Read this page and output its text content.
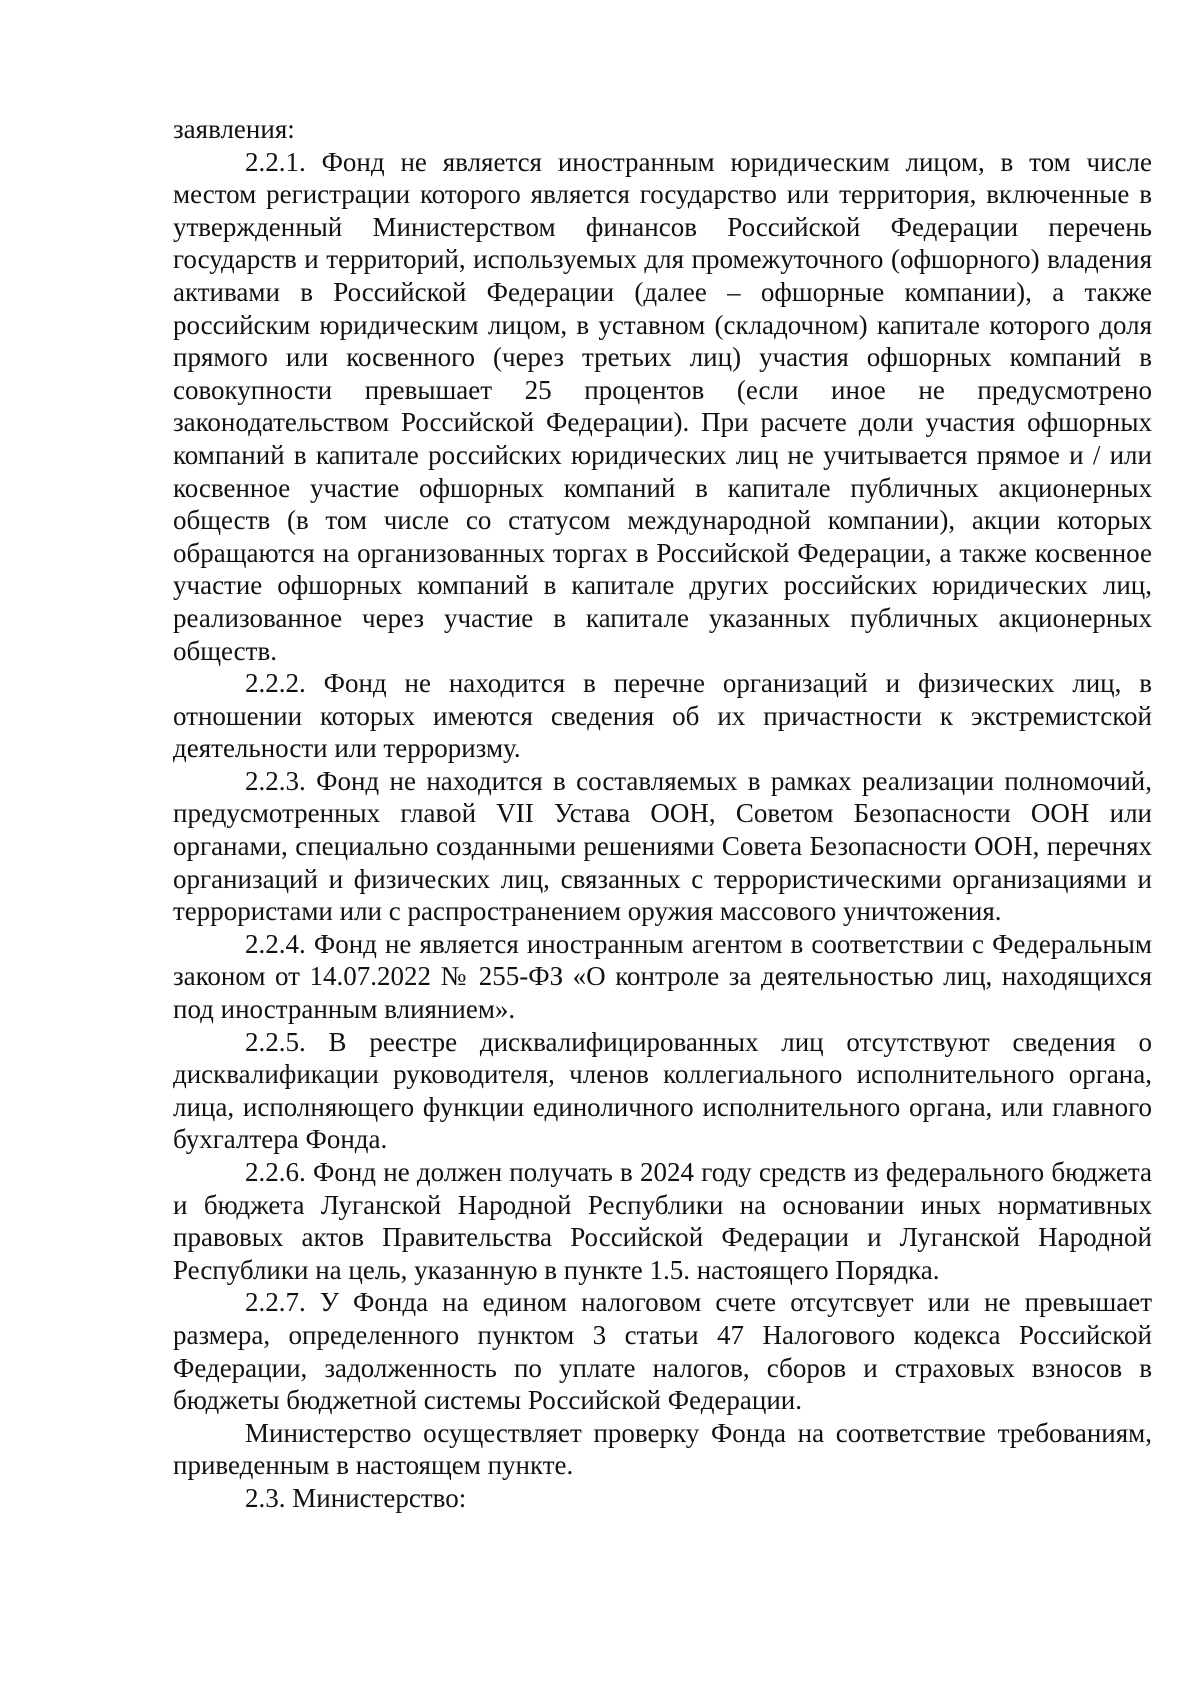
заявления:

2.2.1. Фонд не является иностранным юридическим лицом, в том числе местом регистрации которого является государство или территория, включенные в утвержденный Министерством финансов Российской Федерации перечень государств и территорий, используемых для промежуточного (офшорного) владения активами в Российской Федерации (далее – офшорные компании), а также российским юридическим лицом, в уставном (складочном) капитале которого доля прямого или косвенного (через третьих лиц) участия офшорных компаний в совокупности превышает 25 процентов (если иное не предусмотрено законодательством Российской Федерации). При расчете доли участия офшорных компаний в капитале российских юридических лиц не учитывается прямое и / или косвенное участие офшорных компаний в капитале публичных акционерных обществ (в том числе со статусом международной компании), акции которых обращаются на организованных торгах в Российской Федерации, а также косвенное участие офшорных компаний в капитале других российских юридических лиц, реализованное через участие в капитале указанных публичных акционерных обществ.

2.2.2. Фонд не находится в перечне организаций и физических лиц, в отношении которых имеются сведения об их причастности к экстремистской деятельности или терроризму.

2.2.3. Фонд не находится в составляемых в рамках реализации полномочий, предусмотренных главой VII Устава ООН, Советом Безопасности ООН или органами, специально созданными решениями Совета Безопасности ООН, перечнях организаций и физических лиц, связанных с террористическими организациями и террористами или с распространением оружия массового уничтожения.

2.2.4. Фонд не является иностранным агентом в соответствии с Федеральным законом от 14.07.2022 № 255-ФЗ «О контроле за деятельностью лиц, находящихся под иностранным влиянием».

2.2.5. В реестре дисквалифицированных лиц отсутствуют сведения о дисквалификации руководителя, членов коллегиального исполнительного органа, лица, исполняющего функции единоличного исполнительного органа, или главного бухгалтера Фонда.

2.2.6. Фонд не должен получать в 2024 году средств из федерального бюджета и бюджета Луганской Народной Республики на основании иных нормативных правовых актов Правительства Российской Федерации и Луганской Народной Республики на цель, указанную в пункте 1.5. настоящего Порядка.

2.2.7. У Фонда на едином налоговом счете отсутсвует или не превышает размера, определенного пунктом 3 статьи 47 Налогового кодекса Российской Федерации, задолженность по уплате налогов, сборов и страховых взносов в бюджеты бюджетной системы Российской Федерации.

Министерство осуществляет проверку Фонда на соответствие требованиям, приведенным в настоящем пункте.

2.3. Министерство:
